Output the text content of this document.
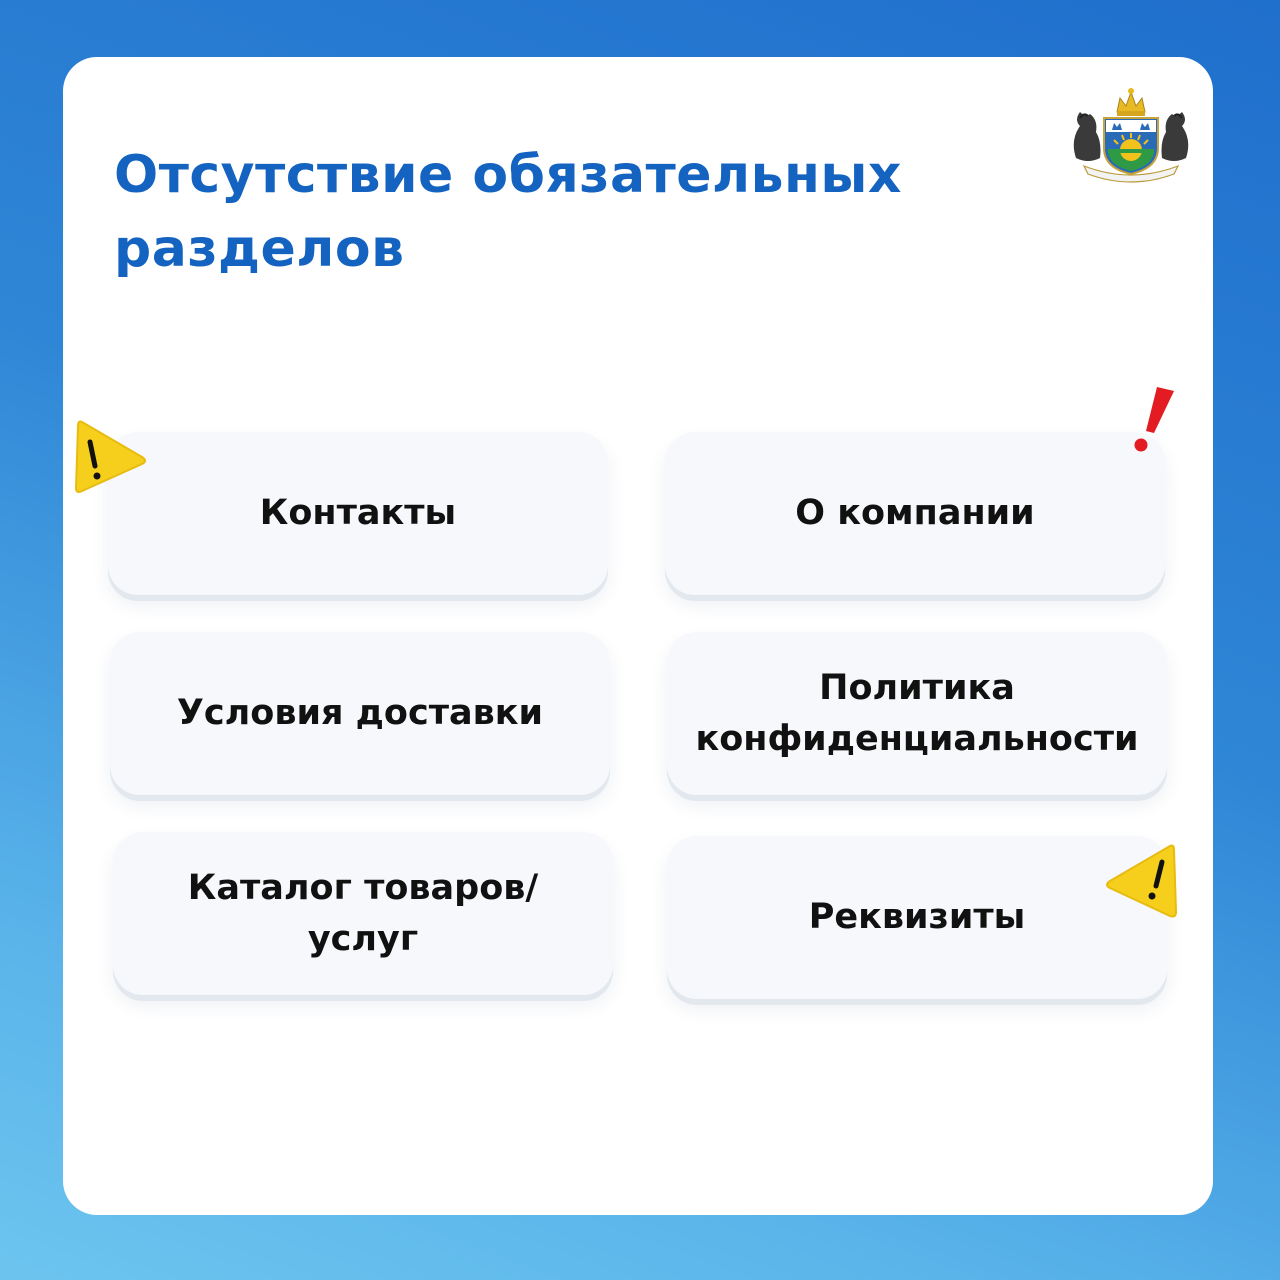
Отсутствие обязательных
разделов
Контакты	О компании
Условия доставки
Политика
конфиденциальности
Каталог товаров/
услуг
Реквизиты
